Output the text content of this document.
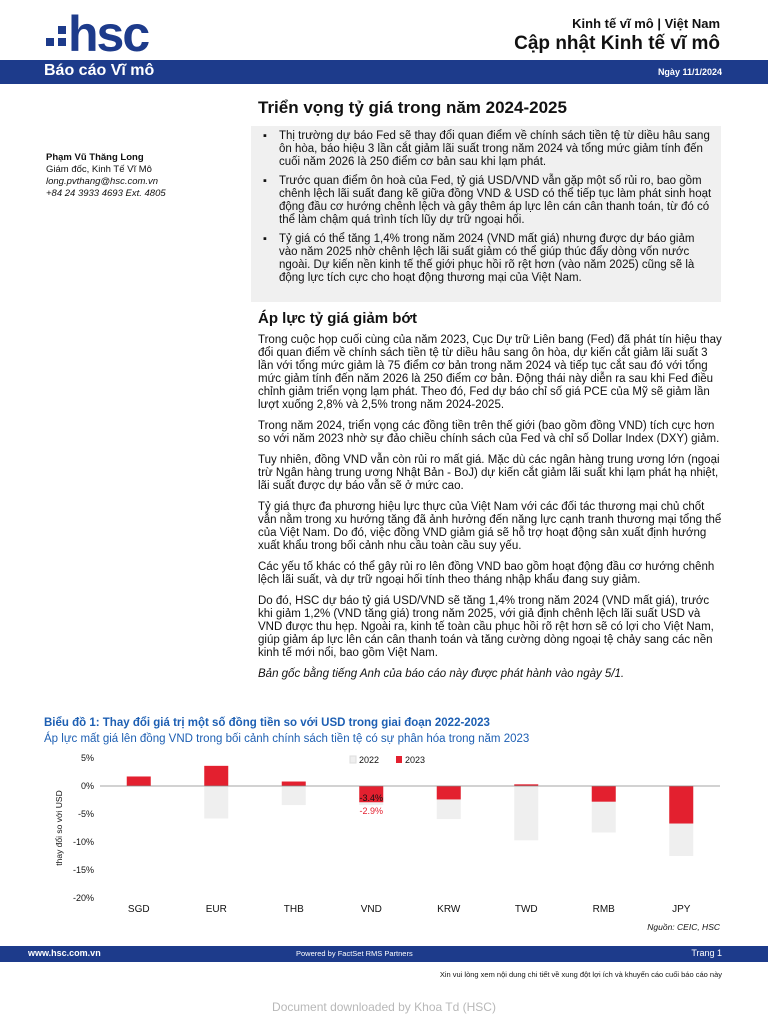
hsc	Kinh tế vĩ mô | Việt Nam
Cập nhật Kinh tế vĩ mô
Báo cáo Vĩ mô	Ngày 11/1/2024
Triển vọng tỷ giá trong năm 2024-2025
Phạm Vũ Thăng Long
Giám đốc, Kinh Tế Vĩ Mô
long.pvthang@hsc.com.vn
+84 24 3933 4693 Ext. 4805
▪ Thị trường dự báo Fed sẽ thay đổi quan điểm về chính sách tiền tệ từ diều hâu sang ôn hòa, báo hiệu 3 lần cắt giảm lãi suất trong năm 2024 và tổng mức giảm tính đến cuối năm 2026 là 250 điểm cơ bản sau khi lạm phát.
▪ Trước quan điểm ôn hoà của Fed, tỷ giá USD/VND vẫn gặp một số rủi ro, bao gồm chênh lệch lãi suất đang kẽ giữa đồng VND & USD có thể tiếp tục làm phát sinh hoạt động đầu cơ hướng chênh lệch và gây thêm áp lực lên cán cân thanh toán, từ đó có thể làm chậm quá trình tích lũy dự trữ ngoại hối.
▪ Tỷ giá có thể tăng 1,4% trong năm 2024 (VND mất giá) nhưng được dự báo giảm vào năm 2025 nhờ chênh lệch lãi suất giảm có thể giúp thúc đẩy dòng vốn nước ngoài. Dự kiến nền kinh tế thế giới phục hồi rõ rệt hơn (vào năm 2025) cũng sẽ là động lực tích cực cho hoạt động thương mại của Việt Nam.
Áp lực tỷ giá giảm bớt

Trong cuộc họp cuối cùng của năm 2023, Cục Dự trữ Liên bang (Fed) đã phát tín hiệu thay đổi quan điểm về chính sách tiền tệ từ diều hâu sang ôn hòa, dự kiến cắt giảm lãi suất 3 lần với tổng mức giảm là 75 điểm cơ bản trong năm 2024 và tiếp tục cắt sau đó với tổng mức giảm tính đến năm 2026 là 250 điểm cơ bản. Động thái này diễn ra sau khi Fed điều chỉnh giảm triển vọng lạm phát. Theo đó, Fed dự báo chỉ số giá PCE của Mỹ sẽ giảm lần lượt xuống 2,8% và 2,5% trong năm 2024-2025.

Trong năm 2024, triển vọng các đồng tiền trên thế giới (bao gồm đồng VND) tích cực hơn so với năm 2023 nhờ sự đảo chiều chính sách của Fed và chỉ số Dollar Index (DXY) giảm.

Tuy nhiên, đồng VND vẫn còn rủi ro mất giá. Mặc dù các ngân hàng trung ương lớn (ngoại trừ Ngân hàng trung ương Nhật Bản - BoJ) dự kiến cắt giảm lãi suất khi lạm phát hạ nhiệt, lãi suất được dự báo vẫn sẽ ở mức cao.

Tỷ giá thực đa phương hiệu lực thực của Việt Nam với các đối tác thương mại chủ chốt vẫn nằm trong xu hướng tăng đã ảnh hưởng đến năng lực cạnh tranh thương mại tổng thể của Việt Nam. Do đó, việc đồng VND giảm giá sẽ hỗ trợ hoạt động sản xuất định hướng xuất khẩu trong bối cảnh nhu cầu toàn cầu suy yếu.

Các yếu tố khác có thể gây rủi ro lên đồng VND bao gồm hoạt động đầu cơ hướng chênh lệch lãi suất, và dự trữ ngoại hối tính theo tháng nhập khẩu đang suy giảm.

Do đó, HSC dự báo tỷ giá USD/VND sẽ tăng 1,4% trong năm 2024 (VND mất giá), trước khi giảm 1,2% (VND tăng giá) trong năm 2025, với giả định chênh lệch lãi suất USD và VND được thu hẹp. Ngoài ra, kinh tế toàn cầu phục hồi rõ rệt hơn sẽ có lợi cho Việt Nam, giúp giảm áp lực lên cán cân thanh toán và tăng cường dòng ngoại tệ chảy sang các nền kinh tế mới nổi, bao gồm Việt Nam.

Bản gốc bằng tiếng Anh của báo cáo này được phát hành vào ngày 5/1.

Biểu đồ 1: Thay đổi giá trị một số đồng tiền so với USD trong giai đoạn 2022-2023
Áp lực mất giá lên đồng VND trong bối cảnh chính sách tiền tệ có sự phân hóa trong năm 2023
5%
0%
-5%
-10%
-15%
-20%
thay đổi so với USD
SGD	EUR	THB	VND	KRW	TWD	RMB	JPY
-3.4%
-2.9%
2022	2023
Nguồn: CEIC, HSC
www.hsc.com.vn	Powered by FactSet RMS Partners	Trang 1
Xin vui lòng xem nội dung chi tiết về xung đột lợi ích và khuyến cáo cuối báo cáo này
Document downloaded by Khoa Td (HSC)
